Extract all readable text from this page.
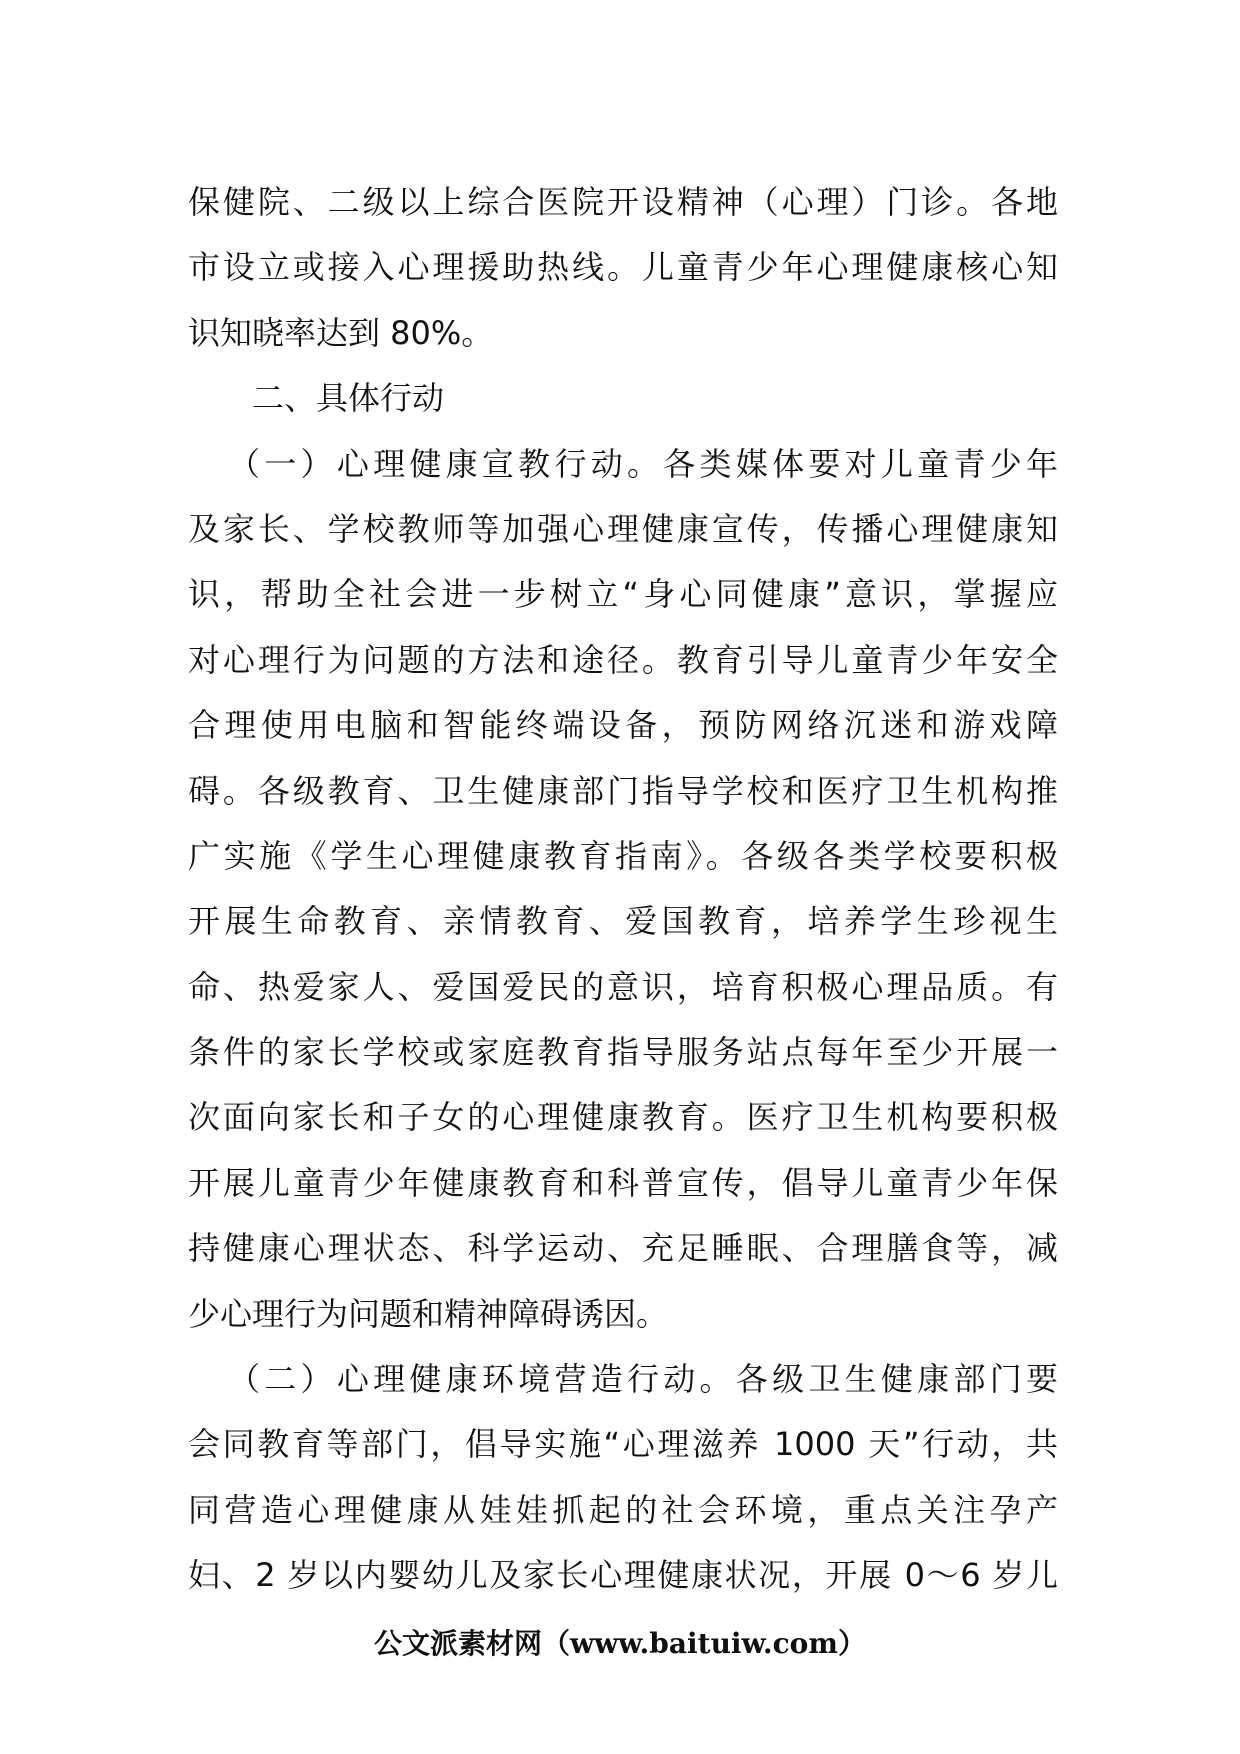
保健院、二级以上综合医院开设精神（心理）门诊。各地
市设立或接入心理援助热线。儿童青少年心理健康核心知
识知晓率达到 80%。
二、具体行动
（一）心理健康宣教行动。各类媒体要对儿童青少年
及家长、学校教师等加强心理健康宣传，传播心理健康知
识，帮助全社会进一步树立“身心同健康”意识，掌握应
对心理行为问题的方法和途径。教育引导儿童青少年安全
合理使用电脑和智能终端设备，预防网络沉迷和游戏障
碍。各级教育、卫生健康部门指导学校和医疗卫生机构推
广实施《学生心理健康教育指南》。各级各类学校要积极
开展生命教育、亲情教育、爱国教育，培养学生珍视生
命、热爱家人、爱国爱民的意识，培育积极心理品质。有
条件的家长学校或家庭教育指导服务站点每年至少开展一
次面向家长和子女的心理健康教育。医疗卫生机构要积极
开展儿童青少年健康教育和科普宣传，倡导儿童青少年保
持健康心理状态、科学运动、充足睡眠、合理膳食等，减
少心理行为问题和精神障碍诱因。
（二）心理健康环境营造行动。各级卫生健康部门要
会同教育等部门，倡导实施“心理滋养 1000 天”行动，共
同营造心理健康从娃娃抓起的社会环境，重点关注孕产
妇、2 岁以内婴幼儿及家长心理健康状况，开展 0～6 岁儿
公文派素材网（www.baituiw.com）
